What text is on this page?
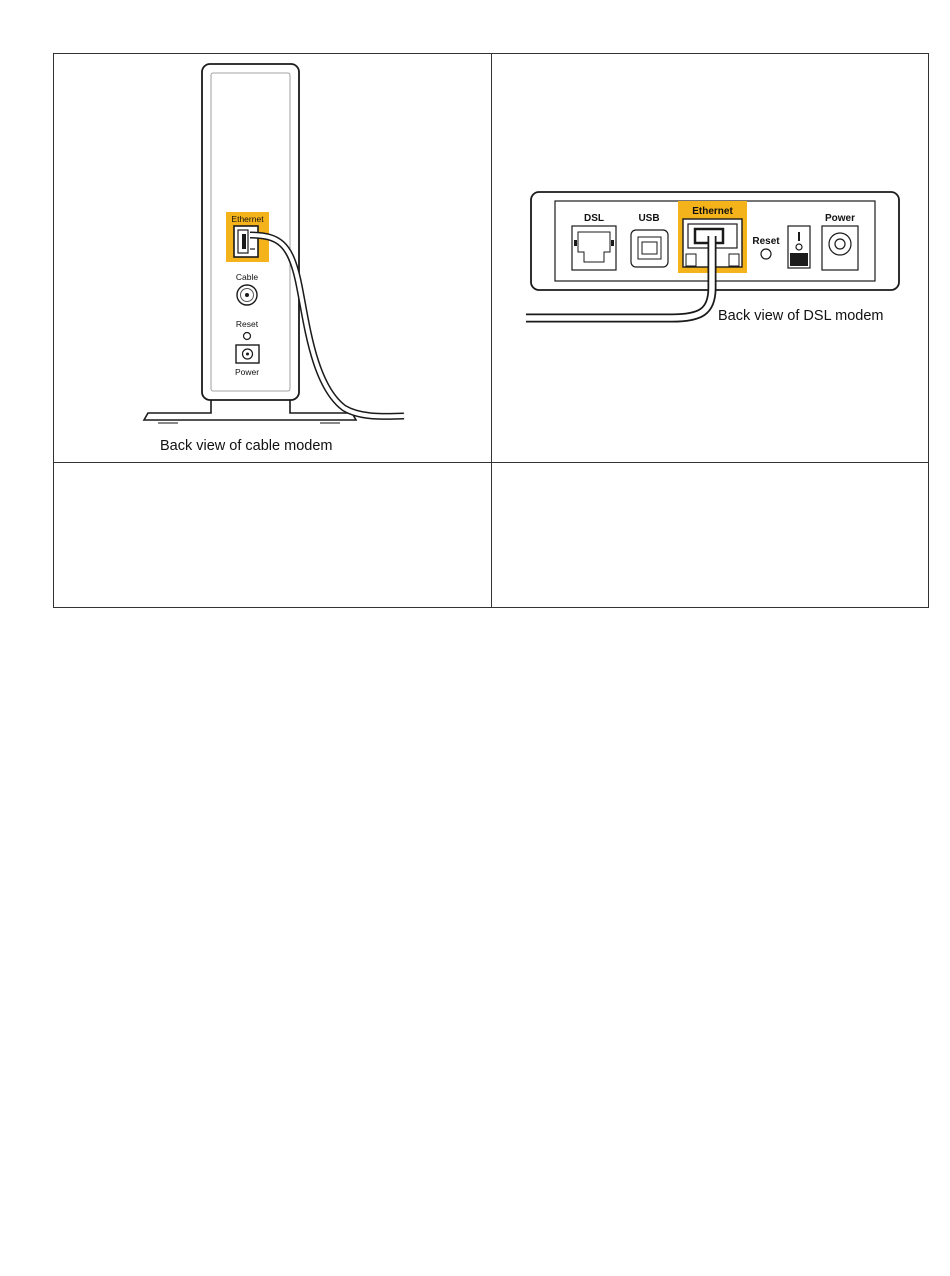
Ethernet
Cable
Reset
Power
Back view of cable modem
DSL	USB
Ethernet
Reset
Power
Back view of DSL modem
